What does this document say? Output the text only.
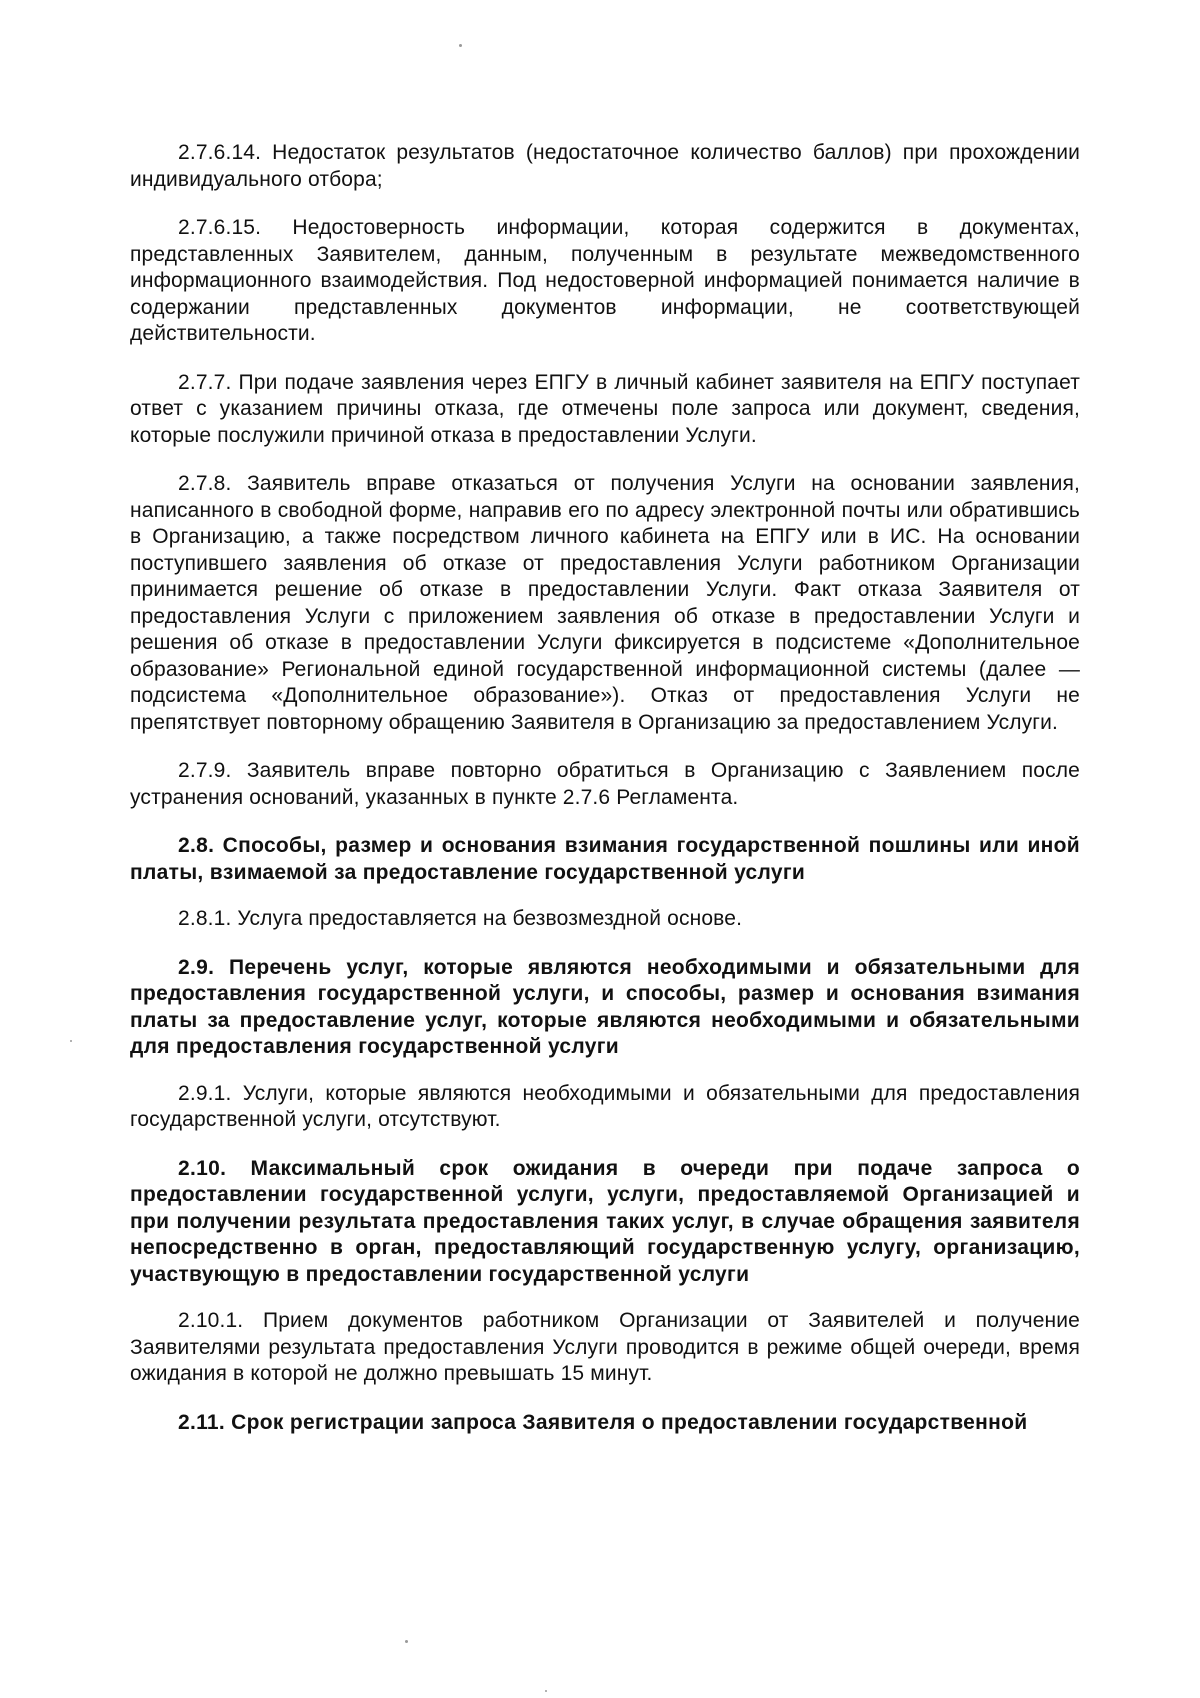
2.7.6.14. Недостаток результатов (недостаточное количество баллов) при прохождении индивидуального отбора;

2.7.6.15. Недостоверность информации, которая содержится в документах, представленных Заявителем, данным, полученным в результате межведомственного информационного взаимодействия. Под недостоверной информацией понимается наличие в содержании представленных документов информации, не соответствующей действительности.

2.7.7. При подаче заявления через ЕПГУ в личный кабинет заявителя на ЕПГУ поступает ответ с указанием причины отказа, где отмечены поле запроса или документ, сведения, которые послужили причиной отказа в предоставлении Услуги.

2.7.8. Заявитель вправе отказаться от получения Услуги на основании заявления, написанного в свободной форме, направив его по адресу электронной почты или обратившись в Организацию, а также посредством личного кабинета на ЕПГУ или в ИС. На основании поступившего заявления об отказе от предоставления Услуги работником Организации принимается решение об отказе в предоставлении Услуги. Факт отказа Заявителя от предоставления Услуги с приложением заявления об отказе в предоставлении Услуги и решения об отказе в предоставлении Услуги фиксируется в подсистеме «Дополнительное образование» Региональной единой государственной информационной системы (далее — подсистема «Дополнительное образование»). Отказ от предоставления Услуги не препятствует повторному обращению Заявителя в Организацию за предоставлением Услуги.

2.7.9. Заявитель вправе повторно обратиться в Организацию с Заявлением после устранения оснований, указанных в пункте 2.7.6 Регламента.

2.8. Способы, размер и основания взимания государственной пошлины или иной платы, взимаемой за предоставление государственной услуги

2.8.1. Услуга предоставляется на безвозмездной основе.

2.9. Перечень услуг, которые являются необходимыми и обязательными для предоставления государственной услуги, и способы, размер и основания взимания платы за предоставление услуг, которые являются необходимыми и обязательными для предоставления государственной услуги

2.9.1. Услуги, которые являются необходимыми и обязательными для предоставления государственной услуги, отсутствуют.

2.10. Максимальный срок ожидания в очереди при подаче запроса о предоставлении государственной услуги, услуги, предоставляемой Организацией и при получении результата предоставления таких услуг, в случае обращения заявителя непосредственно в орган, предоставляющий государственную услугу, организацию, участвующую в предоставлении государственной услуги

2.10.1. Прием документов работником Организации от Заявителей и получение Заявителями результата предоставления Услуги проводится в режиме общей очереди, время ожидания в которой не должно превышать 15 минут.

2.11. Срок регистрации запроса Заявителя о предоставлении государственной
